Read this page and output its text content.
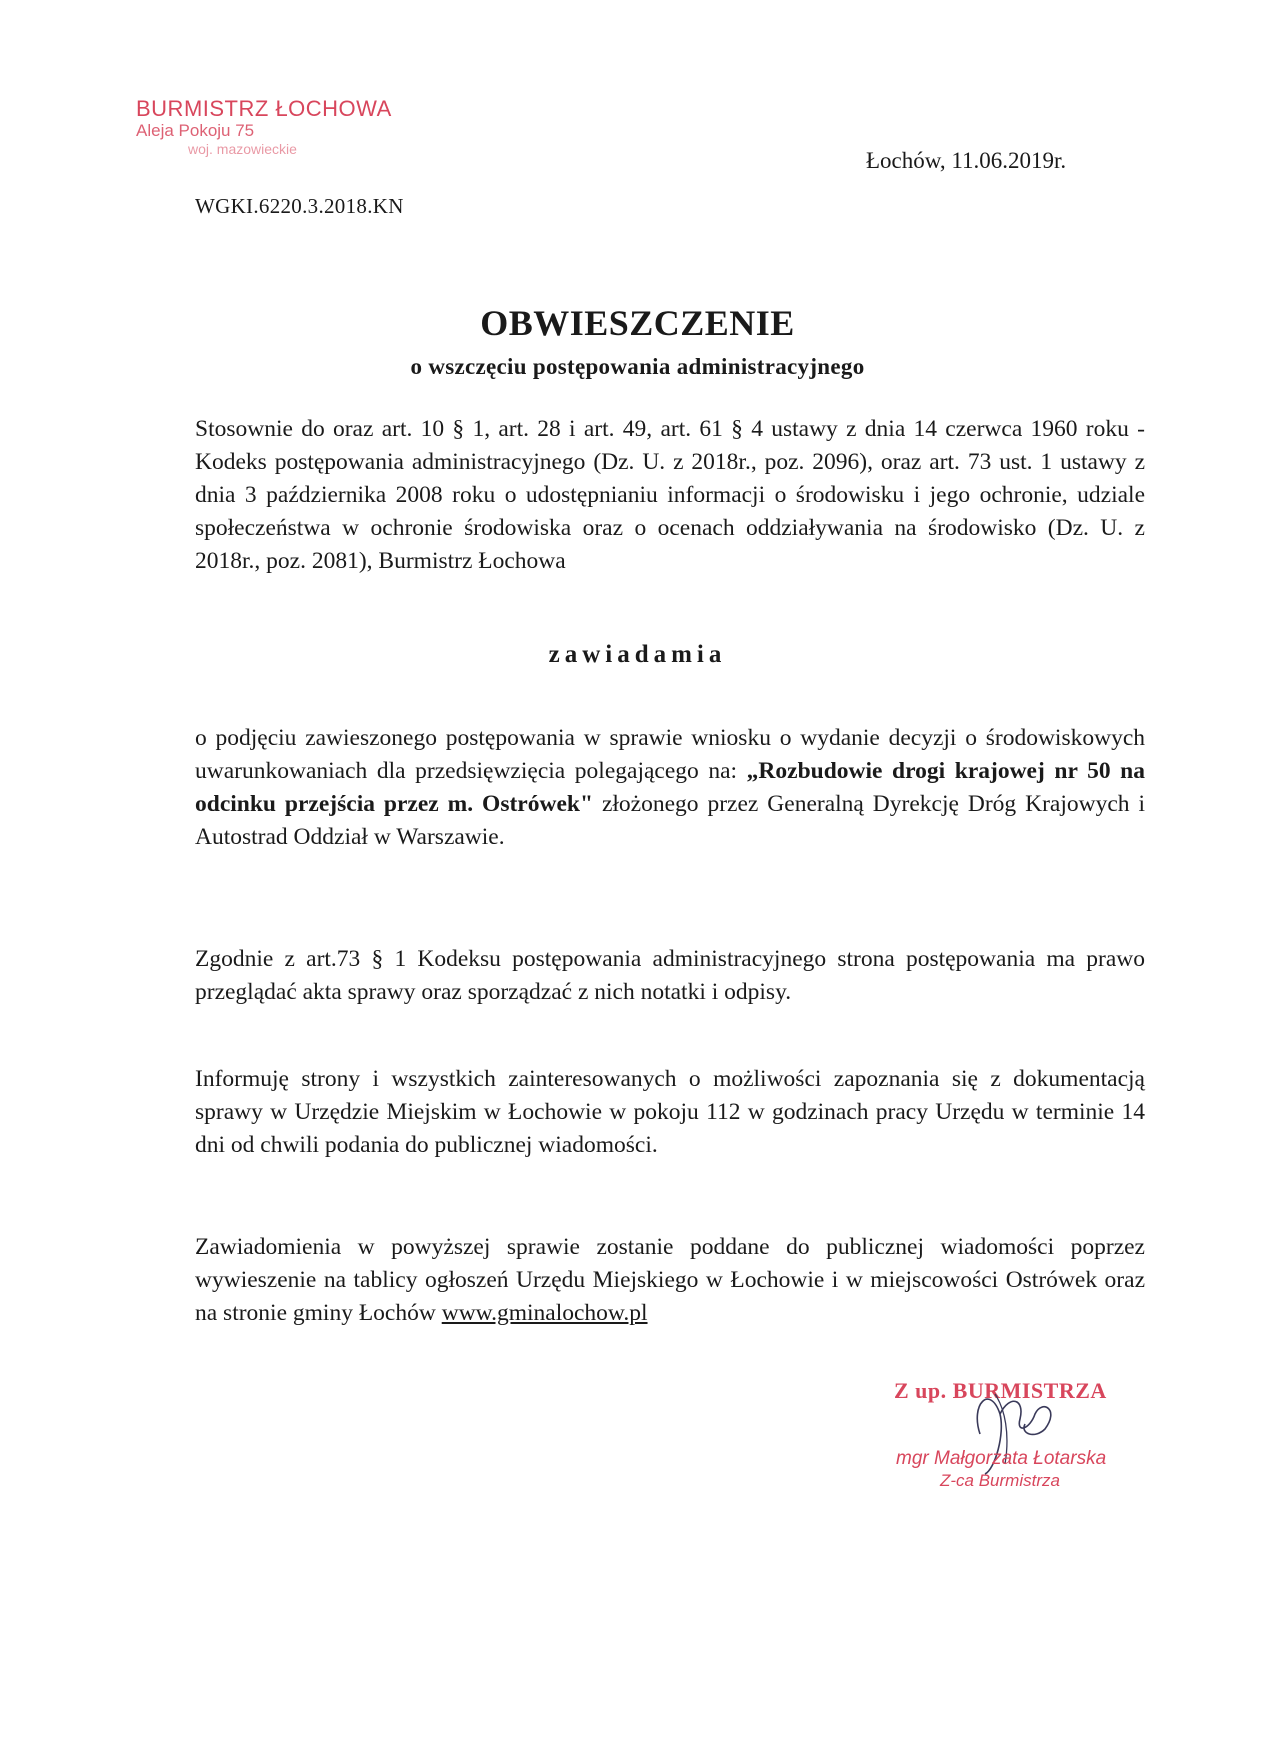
BURMISTRZ ŁOCHOWA
Aleja Pokoju 75
woj. mazowieckie	Łochów, 11.06.2019r.
WGKI.6220.3.2018.KN
OBWIESZCZENIE
o wszczęciu postępowania administracyjnego
Stosownie do oraz art. 10 § 1, art. 28 i art. 49, art. 61 § 4 ustawy z dnia 14 czerwca 1960 roku - Kodeks postępowania administracyjnego (Dz. U. z 2018r., poz. 2096), oraz art. 73 ust. 1 ustawy z dnia 3 października 2008 roku o udostępnianiu informacji o środowisku i jego ochronie, udziale społeczeństwa w ochronie środowiska oraz o ocenach oddziaływania na środowisko (Dz. U. z 2018r., poz. 2081), Burmistrz Łochowa
zawiadamia
o podjęciu zawieszonego postępowania w sprawie wniosku o wydanie decyzji o środowiskowych uwarunkowaniach dla przedsięwzięcia polegającego na: „Rozbudowie drogi krajowej nr 50 na odcinku przejścia przez m. Ostrówek" złożonego przez Generalną Dyrekcję Dróg Krajowych i Autostrad Oddział w Warszawie.
Zgodnie z art.73 § 1 Kodeksu postępowania administracyjnego strona postępowania ma prawo przeglądać akta sprawy oraz sporządzać z nich notatki i odpisy.
Informuję strony i wszystkich zainteresowanych o możliwości zapoznania się z dokumentacją sprawy w Urzędzie Miejskim w Łochowie w pokoju 112 w godzinach pracy Urzędu w terminie 14 dni od chwili podania do publicznej wiadomości.
Zawiadomienia w powyższej sprawie zostanie poddane do publicznej wiadomości poprzez wywieszenie na tablicy ogłoszeń Urzędu Miejskiego w Łochowie i w miejscowości Ostrówek oraz na stronie gminy Łochów www.gminalochow.pl
Z up. BURMISTRZA
mgr Małgorzata Łotarska
Z-ca Burmistrza
